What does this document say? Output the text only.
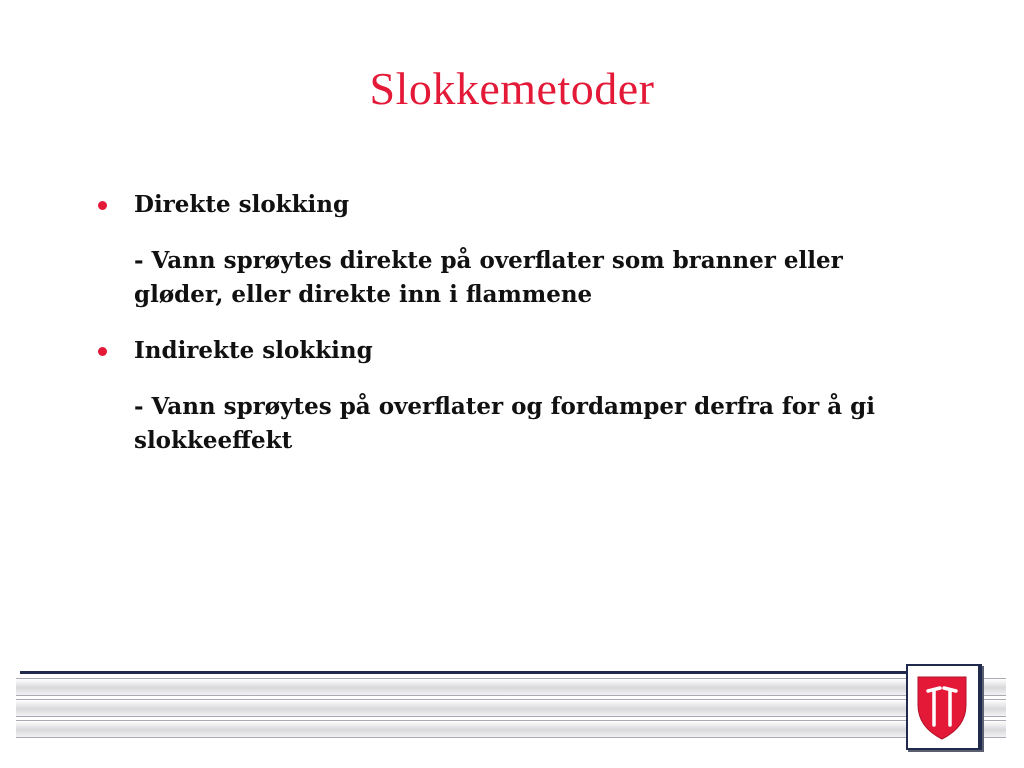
Slokkemetoder
Direkte slokking
- Vann sprøytes direkte på overflater som branner eller gløder, eller direkte inn i flammene
Indirekte slokking
- Vann sprøytes på overflater og fordamper derfra for å gi slokkeeffekt
